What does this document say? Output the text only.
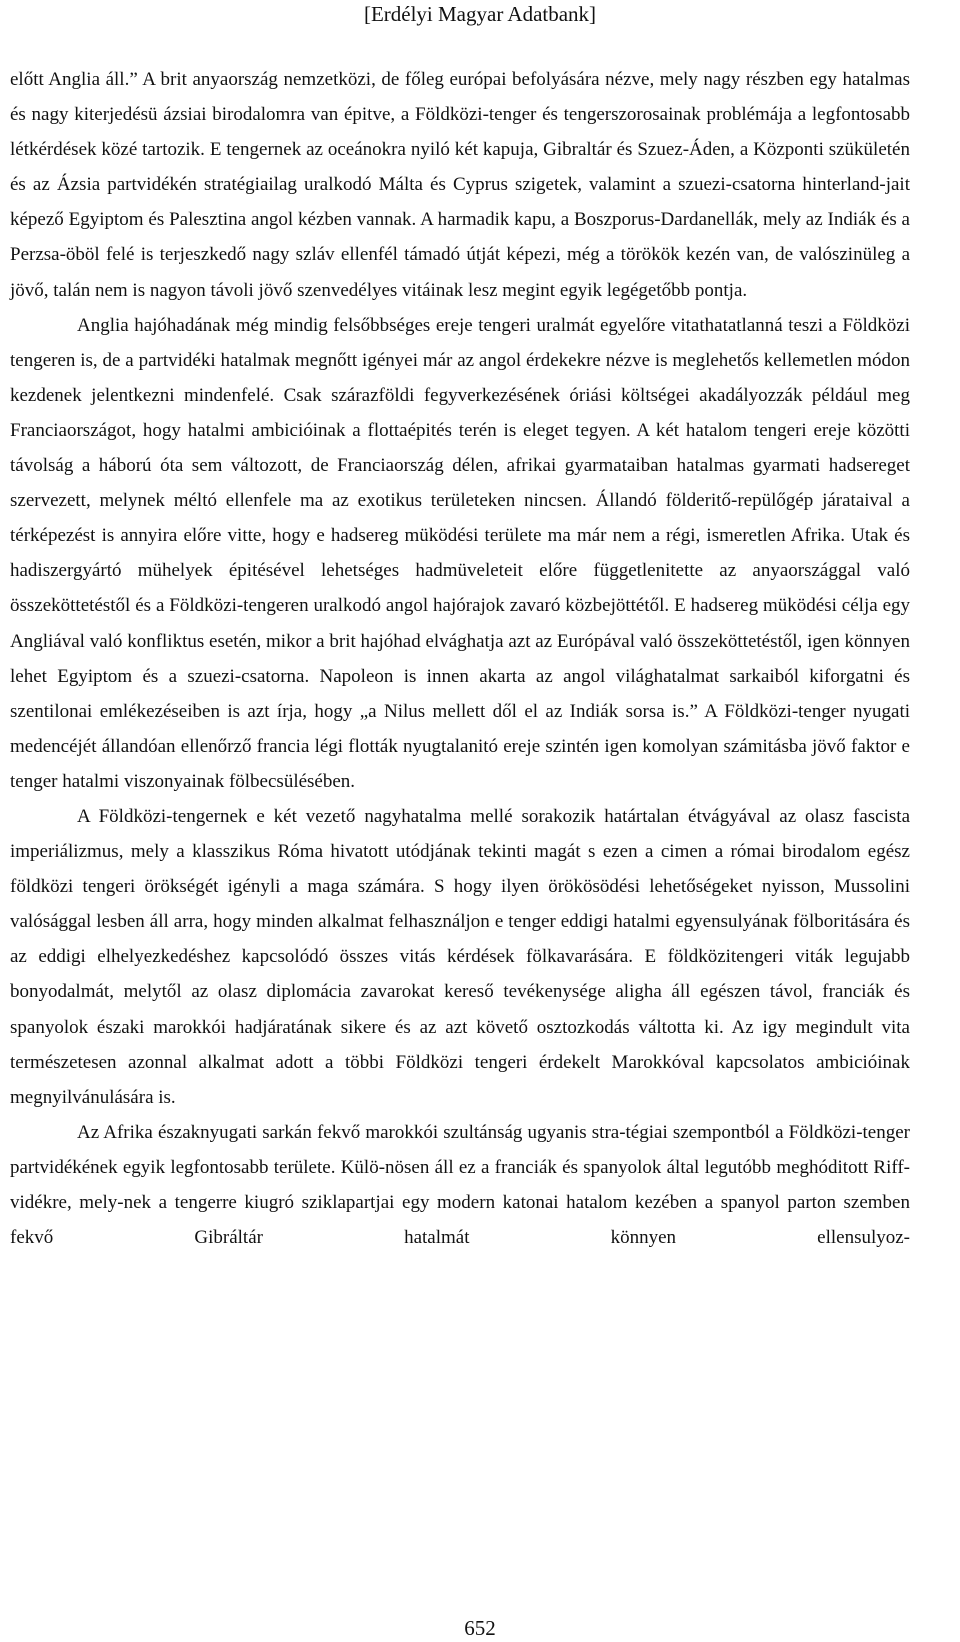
[Erdélyi Magyar Adatbank]

előtt Anglia áll.” A brit anyaország nemzetközi, de főleg európai befolyására nézve, mely nagy részben egy hatalmas és nagy kiterjedésü ázsiai birodalomra van épitve, a Földközi-tenger és tengerszorosainak problémája a legfontosabb létkérdések közé tartozik. E tengernek az oceánokra nyiló két kapuja, Gibraltár és Szuez-Áden, a Központi szükületén és az Ázsia partvidékén stratégiailag uralkodó Málta és Cyprus szigetek, valamint a szuezi-csatorna hinterland-jait képező Egyiptom és Palesztina angol kézben vannak. A harmadik kapu, a Boszporus-Dardanellák, mely az Indiák és a Perzsa-öböl felé is terjeszkedő nagy szláv ellenfél támadó útját képezi, még a törökök kezén van, de valószinüleg a jövő, talán nem is nagyon távoli jövő szenvedélyes vitáinak lesz megint egyik legégetőbb pontja.

Anglia hajóhadának még mindig felsőbbséges ereje tengeri uralmát egyelőre vitathatatlanná teszi a Földközi tengeren is, de a partvidéki hatalmak megnőtt igényei már az angol érdekekre nézve is meglehetős kellemetlen módon kezdenek jelentkezni mindenfelé. Csak szárazföldi fegyverkezésének óriási költségei akadályozzák például meg Franciaországot, hogy hatalmi ambicióinak a flottaépités terén is eleget tegyen. A két hatalom tengeri ereje közötti távolság a háború óta sem változott, de Franciaország délen, afrikai gyarmataiban hatalmas gyarmati hadsereget szervezett, melynek méltó ellenfele ma az exotikus területeken nincsen. Állandó földeritő-repülőgép járataival a térképezést is annyira előre vitte, hogy e hadsereg müködési területe ma már nem a régi, ismeretlen Afrika. Utak és hadiszergyártó mühelyek épitésével lehetséges hadmüveleteit előre függetlenitette az anyaországgal való összeköttetéstől és a Földközi-tengeren uralkodó angol hajórajok zavaró közbejöttétől. E hadsereg müködési célja egy Angliával való konfliktus esetén, mikor a brit hajóhad elvághatja azt az Európával való összeköttetéstől, igen könnyen lehet Egyiptom és a szuezi-csatorna. Napoleon is innen akarta az angol világhatalmat sarkaiból kiforgatni és szentilonai emlékezéseiben is azt írja, hogy „a Nilus mellett dől el az Indiák sorsa is.” A Földközi-tenger nyugati medencéjét állandóan ellenőrző francia légi flották nyugtalanitó ereje szintén igen komolyan számitásba jövő faktor e tenger hatalmi viszonyainak fölbecsülésében.

A Földközi-tengernek e két vezető nagyhatalma mellé sorakozik határtalan étvágyával az olasz fascista imperiálizmus, mely a klasszikus Róma hivatott utódjának tekinti magát s ezen a cimen a római birodalom egész földközi tengeri örökségét igényli a maga számára. S hogy ilyen örökösödési lehetőségeket nyisson, Mussolini valósággal lesben áll arra, hogy minden alkalmat felhasználjon e tenger eddigi hatalmi egyensulyának fölboritására és az eddigi elhelyezkedéshez kapcsolódó összes vitás kérdések fölkavarására. E földközitengeri viták legujabb bonyodalmát, melytől az olasz diplomácia zavarokat kereső tevékenysége aligha áll egészen távol, franciák és spanyolok északi marokkói hadjáratának sikere és az azt követő osztozkodás váltotta ki. Az igy megindult vita természetesen azonnal alkalmat adott a többi Földközi tengeri érdekelt Marokkóval kapcsolatos ambicióinak megnyilvánulására is.

Az Afrika északnyugati sarkán fekvő marokkói szultánság ugyanis stra-tégiai szempontból a Földközi-tenger partvidékének egyik legfontosabb területe. Külö-nösen áll ez a franciák és spanyolok által legutóbb meghóditott Riff-vidékre, mely-nek a tengerre kiugró sziklapartjai egy modern katonai hatalom kezében a spanyol parton szemben fekvő Gibráltár hatalmát könnyen ellensulyoz-

652
